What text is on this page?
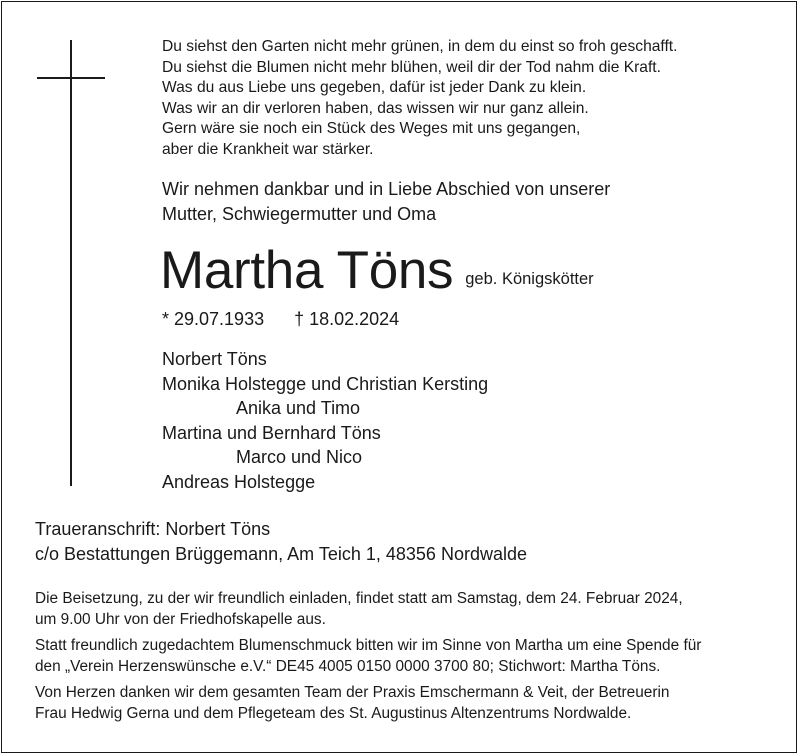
Du siehst den Garten nicht mehr grünen, in dem du einst so froh geschafft.
Du siehst die Blumen nicht mehr blühen, weil dir der Tod nahm die Kraft.
Was du aus Liebe uns gegeben, dafür ist jeder Dank zu klein.
Was wir an dir verloren haben, das wissen wir nur ganz allein.
Gern wäre sie noch ein Stück des Weges mit uns gegangen,
aber die Krankheit war stärker.
Wir nehmen dankbar und in Liebe Abschied von unserer
Mutter, Schwiegermutter und Oma
Martha Töns geb. Königskötter
* 29.07.1933 † 18.02.2024
Norbert Töns
Monika Holstegge und Christian Kersting
Anika und Timo
Martina und Bernhard Töns
Marco und Nico
Andreas Holstegge
Traueranschrift: Norbert Töns
c/o Bestattungen Brüggemann, Am Teich 1, 48356 Nordwalde

Die Beisetzung, zu der wir freundlich einladen, findet statt am Samstag, dem 24. Februar 2024,
um 9.00 Uhr von der Friedhofskapelle aus.

Statt freundlich zugedachtem Blumenschmuck bitten wir im Sinne von Martha um eine Spende für
den „Verein Herzenswünsche e.V.“ DE45 4005 0150 0000 3700 80; Stichwort: Martha Töns.

Von Herzen danken wir dem gesamten Team der Praxis Emschermann & Veit, der Betreuerin
Frau Hedwig Gerna und dem Pflegeteam des St. Augustinus Altenzentrums Nordwalde.
